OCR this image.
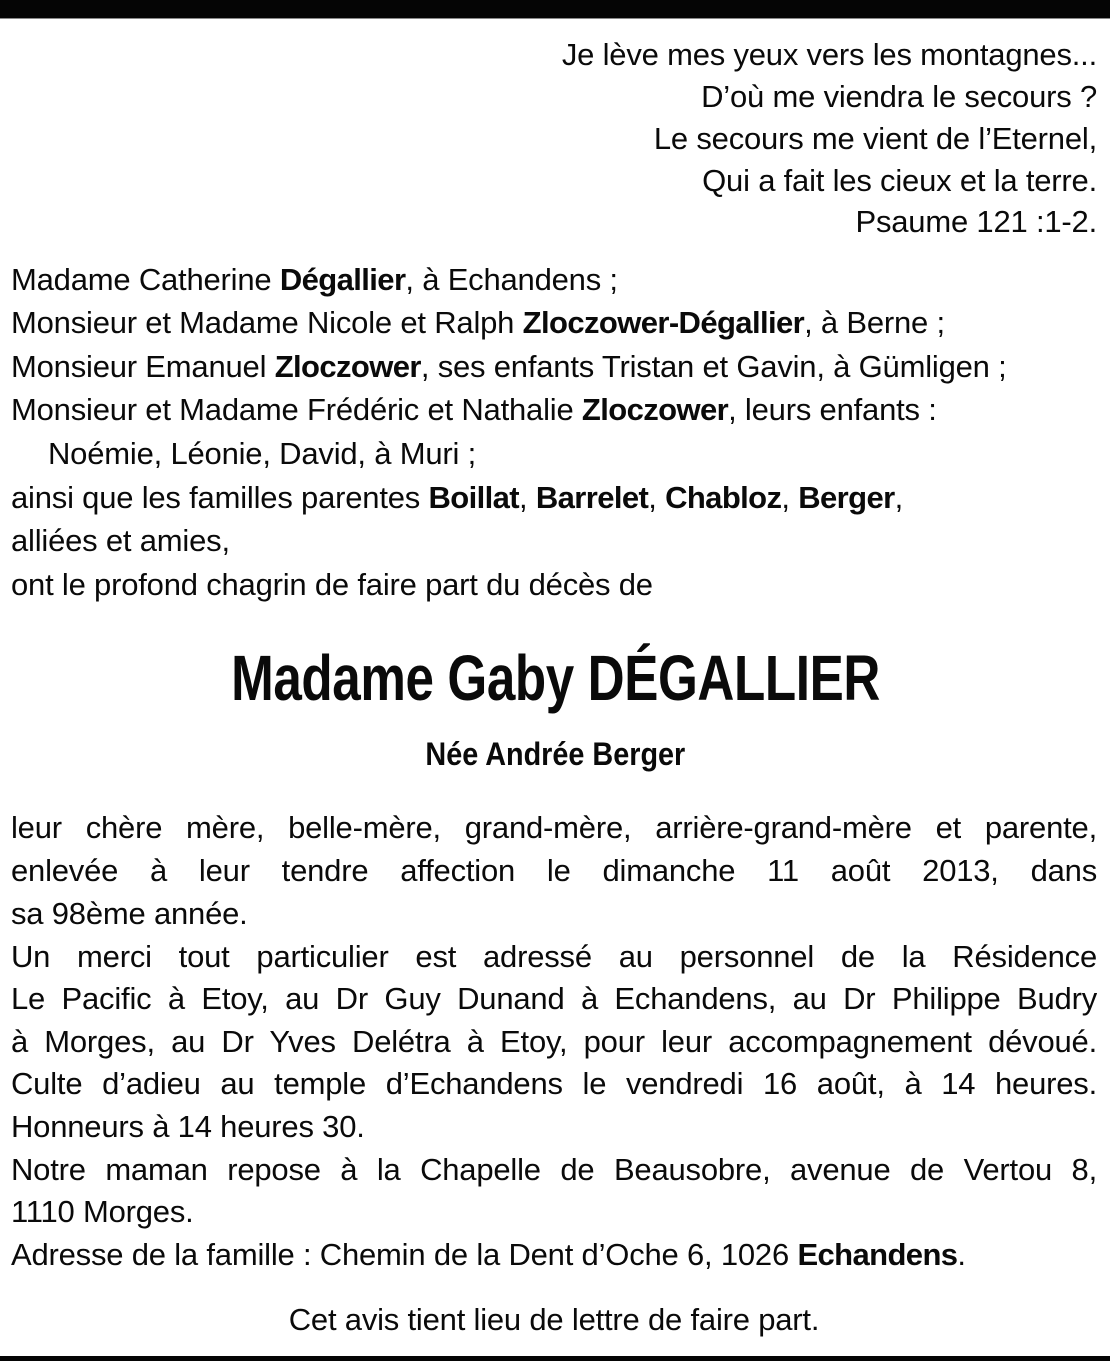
Je lève mes yeux vers les montagnes...
D’où me viendra le secours ?
Le secours me vient de l’Eternel,
Qui a fait les cieux et la terre.
Psaume 121 :1-2.
Madame Catherine Dégallier, à Echandens ;
Monsieur et Madame Nicole et Ralph Zloczower-Dégallier, à Berne ;
Monsieur Emanuel Zloczower, ses enfants Tristan et Gavin, à Gümligen ;
Monsieur et Madame Frédéric et Nathalie Zloczower, leurs enfants :
Noémie, Léonie, David, à Muri ;
ainsi que les familles parentes Boillat, Barrelet, Chabloz, Berger,
alliées et amies,
ont le profond chagrin de faire part du décès de
Madame Gaby DÉGALLIER
Née Andrée Berger
leur chère mère, belle-mère, grand-mère, arrière-grand-mère et parente,
enlevée à leur tendre affection le dimanche 11 août 2013, dans
sa 98ème année.
Un merci tout particulier est adressé au personnel de la Résidence
Le Pacific à Etoy, au Dr Guy Dunand à Echandens, au Dr Philippe Budry
à Morges, au Dr Yves Delétra à Etoy, pour leur accompagnement dévoué.
Culte d’adieu au temple d’Echandens le vendredi 16 août, à 14 heures.
Honneurs à 14 heures 30.
Notre maman repose à la Chapelle de Beausobre, avenue de Vertou 8,
1110 Morges.
Adresse de la famille : Chemin de la Dent d’Oche 6, 1026 Echandens.
Cet avis tient lieu de lettre de faire part.
